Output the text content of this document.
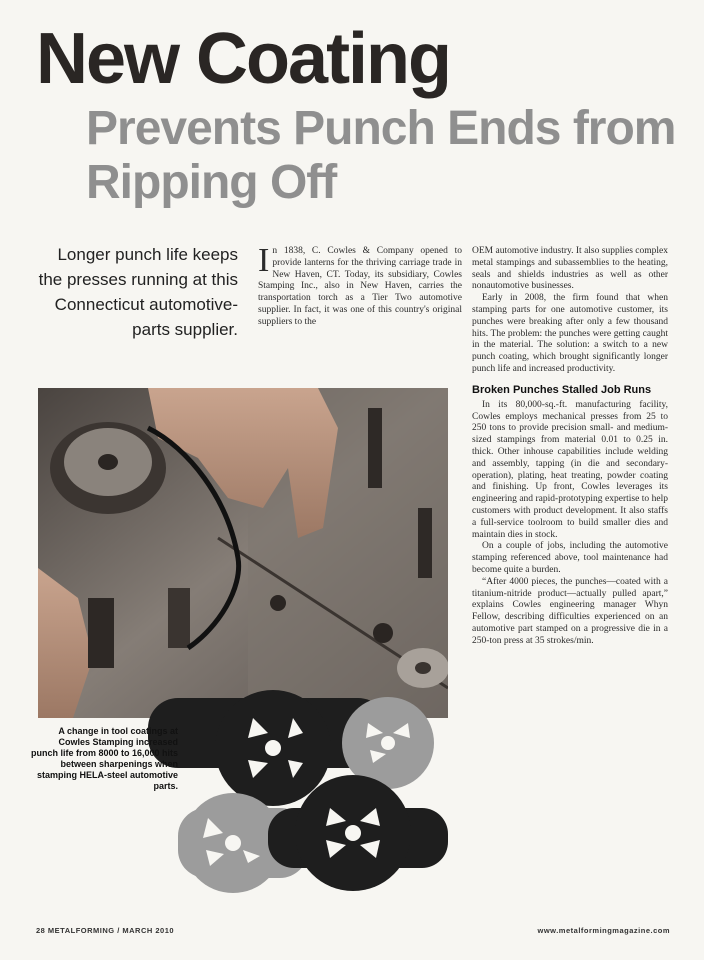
New Coating
Prevents Punch Ends from Ripping Off
Longer punch life keeps the presses running at this Connecticut automotive-parts supplier.

I n 1838, C. Cowles & Company opened to provide lanterns for the thriving carriage trade in New Haven, CT. Today, its subsidiary, Cowles Stamping Inc., also in New Haven, carries the transportation torch as a Tier Two automotive supplier. In fact, it was one of this country's original suppliers to the

OEM automotive industry. It also supplies complex metal stampings and subassemblies to the heating, seals and shields industries as well as other nonautomotive businesses.

Early in 2008, the firm found that when stamping parts for one automotive customer, its punches were breaking after only a few thousand hits. The problem: the punches were getting caught in the material. The solution: a switch to a new punch coating, which brought significantly longer punch life and increased productivity.

Broken Punches Stalled Job Runs

In its 80,000-sq.-ft. manufacturing facility, Cowles employs mechanical presses from 25 to 250 tons to provide precision small- and medium-sized stampings from material 0.01 to 0.25 in. thick. Other inhouse capabilities include welding and assembly, tapping (in die and secondary-operation), plating, heat treating, powder coating and finishing. Up front, Cowles leverages its engineering and rapid-prototyping expertise to help customers with product development. It also staffs a full-service toolroom to build smaller dies and maintain dies in stock.

On a couple of jobs, including the automotive stamping referenced above, tool maintenance had become quite a burden.

“After 4000 pieces, the punches—coated with a titanium-nitride product—actually pulled apart,” explains Cowles engineering manager Whyn Fellow, describing difficulties experienced on an automotive part stamped on a progressive die in a 250-ton press at 35 strokes/min.

A change in tool coatings at Cowles Stamping increased punch life from 8000 to 16,000 hits between sharpenings when stamping HELA-steel automotive parts.
28 METALFORMING / MARCH 2010	www.metalformingmagazine.com
